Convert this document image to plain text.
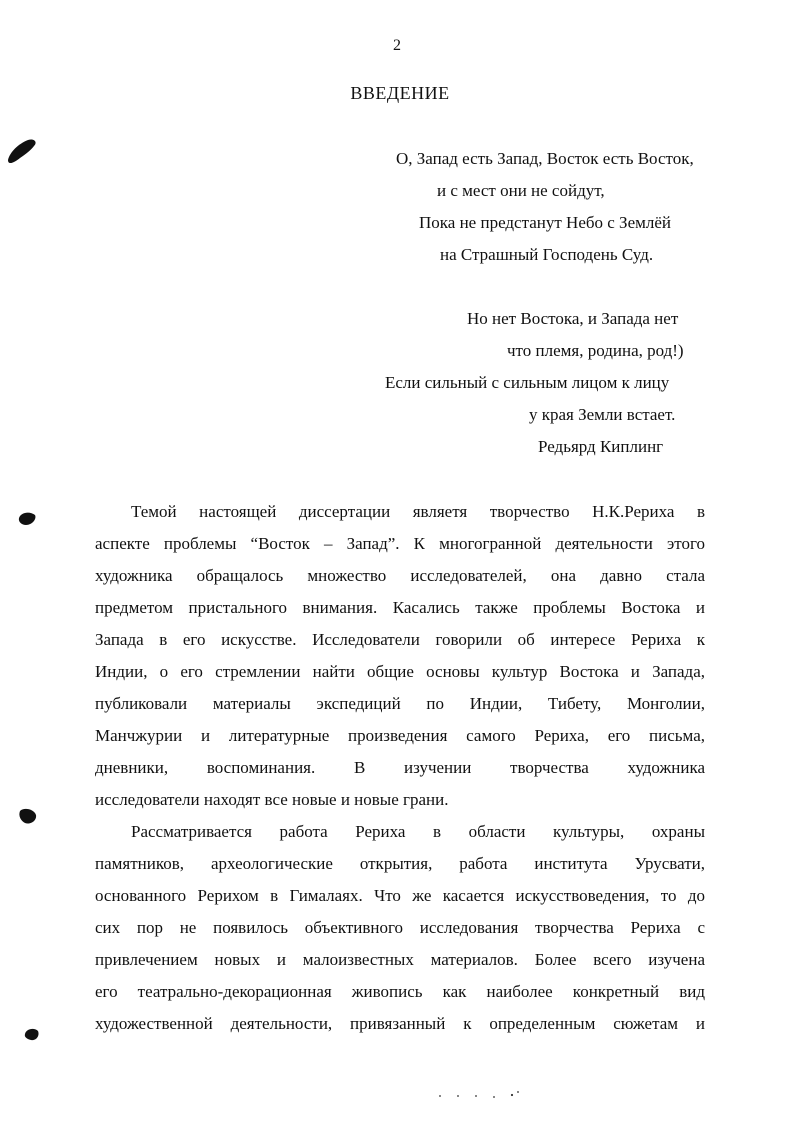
2
ВВЕДЕНИЕ
О, Запад есть Запад, Восток есть Восток,
и с мест они не сойдут,
Пока не предстанут Небо с Землёй
на Страшный Господень Суд.
Но нет Востока, и Запада нет
что племя, родина, род!)
Если сильный с сильным лицом к лицу
у края Земли встает.
Редьярд Киплинг
Темой настоящей диссертации являетя творчество Н.К.Рериха в
аспекте проблемы “Восток – Запад”. К многогранной деятельности этого
художника обращалось множество исследователей, она давно стала
предметом пристального внимания. Касались также проблемы Востока и
Запада в его искусстве. Исследователи говорили об интересе Рериха к
Индии, о его стремлении найти общие основы культур Востока и Запада,
публиковали материалы экспедиций по Индии, Тибету, Монголии,
Манчжурии и литературные произведения самого Рериха, его письма,
дневники, воспоминания. В изучении творчества художника
исследователи находят все новые и новые грани.
Рассматривается работа Рериха в области культуры, охраны
памятников, археологические открытия, работа института Урусвати,
основанного Рерихом в Гималаях. Что же касается искусствоведения, то до
сих пор не появилось объективного исследования творчества Рериха с
привлечением новых и малоизвестных материалов. Более всего изучена
его театрально-декорационная живопись как наиболее конкретный вид
художественной деятельности, привязанный к определенным сюжетам и
